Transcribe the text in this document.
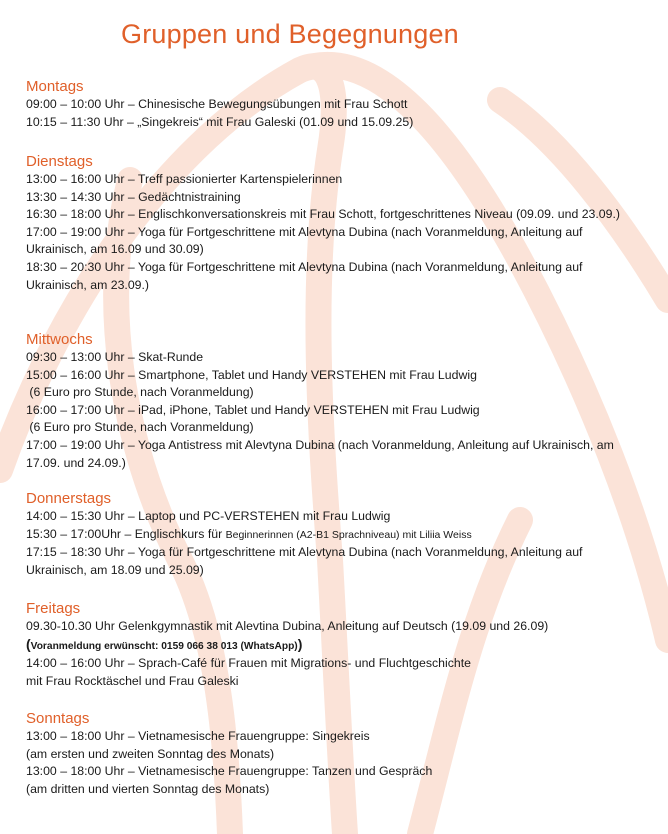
Gruppen und Begegnungen
Montags
09:00 – 10:00 Uhr – Chinesische Bewegungsübungen mit Frau Schott
10:15 – 11:30 Uhr – „Singekreis“ mit Frau Galeski (01.09 und 15.09.25)
Dienstags
13:00 – 16:00 Uhr – Treff passionierter Kartenspielerinnen
13:30 – 14:30 Uhr – Gedächtnistraining
16:30 – 18:00 Uhr – Englischkonversationskreis mit Frau Schott, fortgeschrittenes Niveau (09.09. und 23.09.)
17:00 – 19:00 Uhr – Yoga für Fortgeschrittene mit Alevtyna Dubina (nach Voranmeldung, Anleitung auf Ukrainisch, am 16.09 und 30.09)
18:30 – 20:30 Uhr – Yoga für Fortgeschrittene mit Alevtyna Dubina (nach Voranmeldung, Anleitung auf Ukrainisch, am 23.09.)
Mittwochs
09:30 – 13:00 Uhr – Skat-Runde
15:00 – 16:00 Uhr – Smartphone, Tablet und Handy VERSTEHEN mit Frau Ludwig
(6 Euro pro Stunde, nach Voranmeldung)
16:00 – 17:00 Uhr – iPad, iPhone, Tablet und Handy VERSTEHEN mit Frau Ludwig
(6 Euro pro Stunde, nach Voranmeldung)
17:00 – 19:00 Uhr – Yoga Antistress mit Alevtyna Dubina (nach Voranmeldung, Anleitung auf Ukrainisch, am 17.09. und 24.09.)
Donnerstags
14:00 – 15:30 Uhr – Laptop und PC-VERSTEHEN mit Frau Ludwig
15:30 – 17:00Uhr – Englischkurs für Beginnerinnen (A2-B1 Sprachniveau) mit Liliia Weiss
17:15 – 18:30 Uhr – Yoga für Fortgeschrittene mit Alevtyna Dubina (nach Voranmeldung, Anleitung auf Ukrainisch, am 18.09 und 25.09)
Freitags
09.30-10.30 Uhr Gelenkgymnastik mit Alevtina Dubina, Anleitung auf Deutsch (19.09 und 26.09)
(Voranmeldung erwünscht: 0159 066 38 013 (WhatsApp))
14:00 – 16:00 Uhr – Sprach-Café für Frauen mit Migrations- und Fluchtgeschichte
mit Frau Rocktäschel und Frau Galeski
Sonntags
13:00 – 18:00 Uhr – Vietnamesische Frauengruppe: Singekreis
(am ersten und zweiten Sonntag des Monats)
13:00 – 18:00 Uhr – Vietnamesische Frauengruppe: Tanzen und Gespräch
(am dritten und vierten Sonntag des Monats)
